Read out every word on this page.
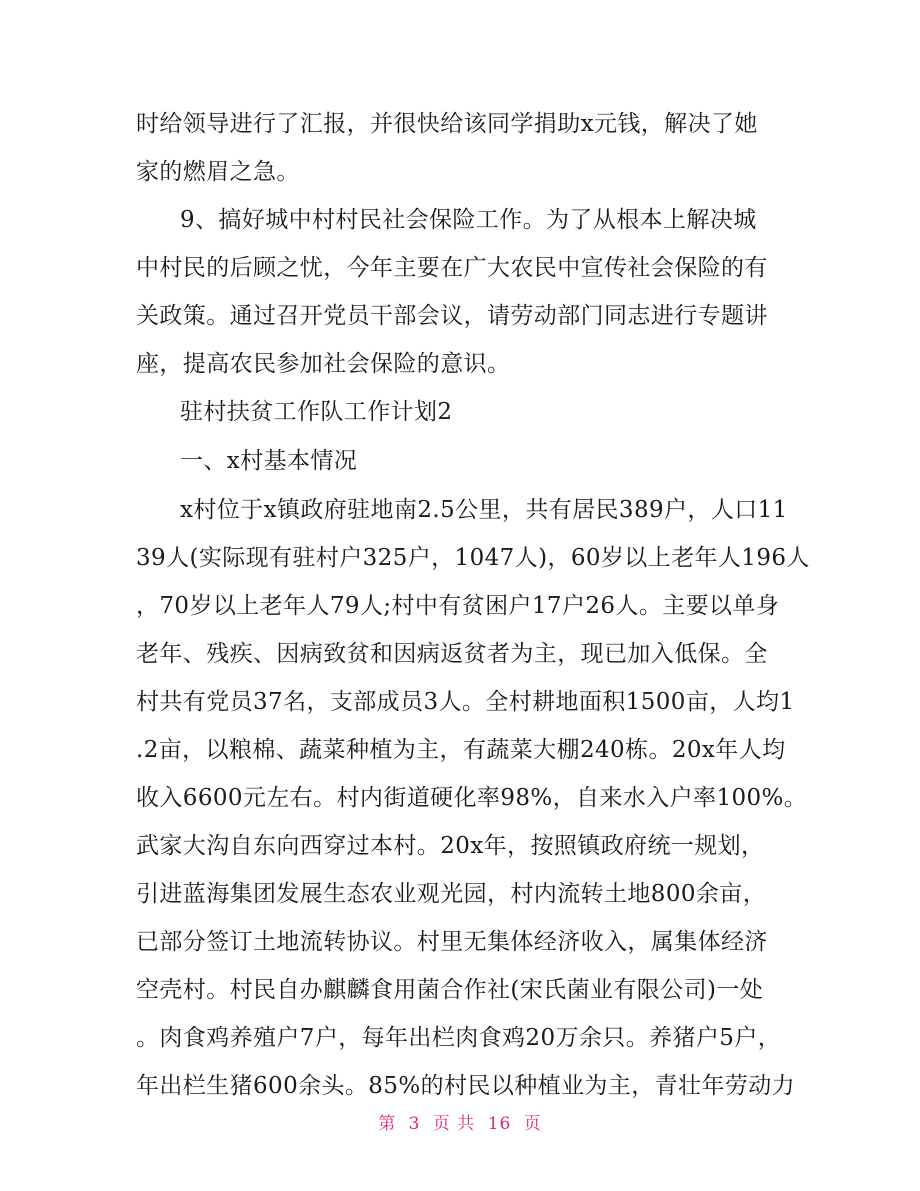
时给领导进行了汇报，并很快给该同学捐助x元钱，解决了她
家的燃眉之急。
9、搞好城中村村民社会保险工作。为了从根本上解决城
中村民的后顾之忧，今年主要在广大农民中宣传社会保险的有
关政策。通过召开党员干部会议，请劳动部门同志进行专题讲
座，提高农民参加社会保险的意识。
驻村扶贫工作队工作计划2
一、x村基本情况
x村位于x镇政府驻地南2.5公里，共有居民389户，人口11
39人(实际现有驻村户325户，1047人)，60岁以上老年人196人
，70岁以上老年人79人;村中有贫困户17户26人。主要以单身
老年、残疾、因病致贫和因病返贫者为主，现已加入低保。全
村共有党员37名，支部成员3人。全村耕地面积1500亩，人均1
.2亩，以粮棉、蔬菜种植为主，有蔬菜大棚240栋。20x年人均
收入6600元左右。村内街道硬化率98%，自来水入户率100%。
武家大沟自东向西穿过本村。20x年，按照镇政府统一规划，
引进蓝海集团发展生态农业观光园，村内流转土地800余亩，
已部分签订土地流转协议。村里无集体经济收入，属集体经济
空壳村。村民自办麒麟食用菌合作社(宋氏菌业有限公司)一处
。肉食鸡养殖户7户，每年出栏肉食鸡20万余只。养猪户5户，
年出栏生猪600余头。85%的村民以种植业为主，青壮年劳动力
第 3 页 共 16 页
